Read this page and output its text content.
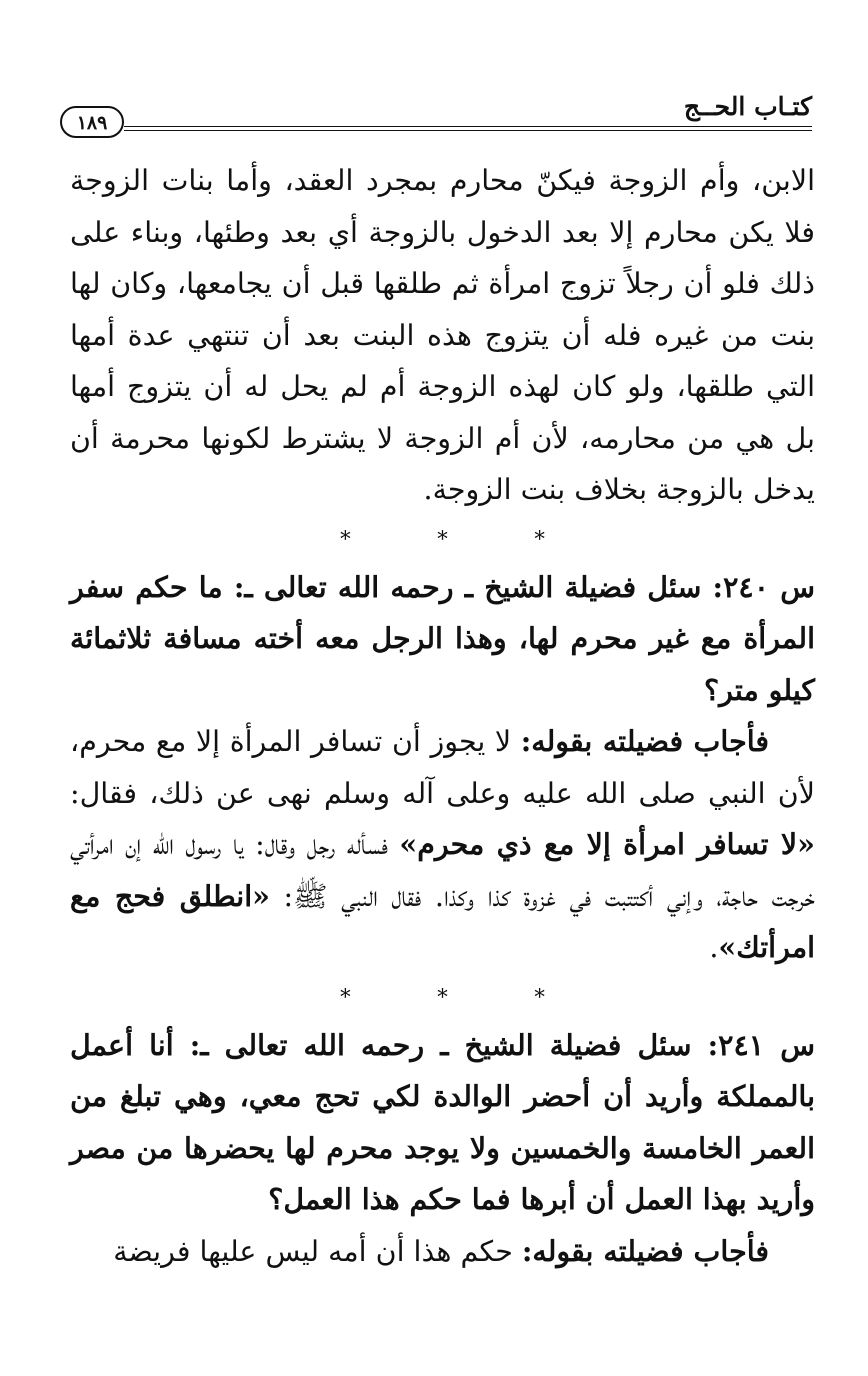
كتـاب الحــج
١٨٩

الابن، وأم الزوجة فيكنّ محارم بمجرد العقد، وأما بنات الزوجة فلا يكن محارم إلا بعد الدخول بالزوجة أي بعد وطئها، وبناء على ذلك فلو أن رجلاً تزوج امرأة ثم طلقها قبل أن يجامعها، وكان لها بنت من غيره فله أن يتزوج هذه البنت بعد أن تنتهي عدة أمها التي طلقها، ولو كان لهذه الزوجة أم لم يحل له أن يتزوج أمها بل هي من محارمه، لأن أم الزوجة لا يشترط لكونها محرمة أن يدخل بالزوجة بخلاف بنت الزوجة.

* * *

س ٢٤٠: سئل فضيلة الشيخ ـ رحمه الله تعالى ـ: ما حكم سفر المرأة مع غير محرم لها، وهذا الرجل معه أخته مسافة ثلاثمائة كيلو متر؟

فأجاب فضيلته بقوله: لا يجوز أن تسافر المرأة إلا مع محرم، لأن النبي صلى الله عليه وعلى آله وسلم نهى عن ذلك، فقال: «لا تسافر امرأة إلا مع ذي محرم» فسأله رجل وقال: يا رسول الله إن امرأتي خرجت حاجة، وإني أكتتبت في غزوة كذا وكذا. فقال النبي ﷺ: «انطلق فحج مع امرأتك».

* * *

س ٢٤١: سئل فضيلة الشيخ ـ رحمه الله تعالى ـ: أنا أعمل بالمملكة وأريد أن أحضر الوالدة لكي تحج معي، وهي تبلغ من العمر الخامسة والخمسين ولا يوجد محرم لها يحضرها من مصر وأريد بهذا العمل أن أبرها فما حكم هذا العمل؟

فأجاب فضيلته بقوله: حكم هذا أن أمه ليس عليها فريضة
